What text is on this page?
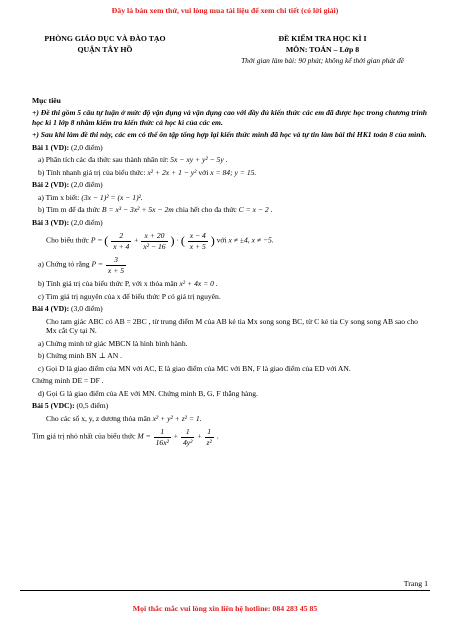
Đây là bản xem thử, vui lòng mua tài liệu để xem chi tiết (có lời giải)
PHÒNG GIÁO DỤC VÀ ĐÀO TẠO
QUẬN TÂY HỒ
ĐỀ KIỂM TRA HỌC KÌ I
MÔN: TOÁN – Lớp 8
Thời gian làm bài: 90 phút; không kể thời gian phát đề
Mục tiêu
+) Đề thi gồm 5 câu tự luận ở mức độ vận dụng và vận dụng cao với đầy đủ kiến thức các em đã được học trong chương trình học kì 1 lớp 8 nhằm kiểm tra kiến thức cả học kì của các em.
+) Sau khi làm đề thi này, các em có thể ôn tập tổng hợp lại kiến thức mình đã học và tự tin làm bài thi HK1 toán 8 của mình.
Bài 1 (VD): (2,0 điểm)
a) Phân tích các đa thức sau thành nhân tử: 5x − xy + y² − 5y .
b) Tính nhanh giá trị của biểu thức: x² + 2x + 1 − y² với x = 84; y = 15.
Bài 2 (VD): (2,0 điểm)
a) Tìm x biết: (3x − 1)² = (x − 1)².
b) Tìm m để đa thức B = x³ − 3x² + 5x − 2m chia hết cho đa thức C = x − 2 .
Bài 3 (VD): (2,0 điểm)
Cho biểu thức P = ( $\frac{2}{x + 4} + \frac{x + 20}{\text{x² − 16}}$ ) · ( $\frac{x - 4}{x + 5}$ ) với x ≠ ±4, x ≠ −5.
a) Chứng tỏ rằng $P = \frac{3}{x + 5}$
b) Tính giá trị của biểu thức P, với x thỏa mãn x² + 4x = 0 .
c) Tìm giá trị nguyên của x để biểu thức P có giá trị nguyên.
Bài 4 (VD): (3,0 điểm)
Cho tam giác ABC có AB = 2BC , từ trung điểm M của AB kẻ tia Mx song song BC, từ C kẻ tia Cy song song AB sao cho Mx cắt Cy tại N.
a) Chứng minh tứ giác MBCN là hình bình hành.
b) Chứng minh BN ⊥ AN .
c) Gọi D là giao điểm của MN với AC, E là giao điểm của MC với BN, F là giao điểm của ED với AN.
Chứng minh DE = DF .
d) Gọi G là giao điểm của AE với MN. Chứng minh B, G, F thẳng hàng.
Bài 5 (VDC): (0,5 điểm)
Cho các số x, y, z dương thỏa mãn x² + y² + z² = 1.
Tìm giá trị nhỏ nhất của biểu thức $M = \frac{1}{\text{16x²}} + \frac{1}{\text{4y²}} + \frac{1}{\text{z²}}$ .
Trang 1
Mọi thắc mắc vui lòng xin liên hệ hotline: 084 283 45 85
